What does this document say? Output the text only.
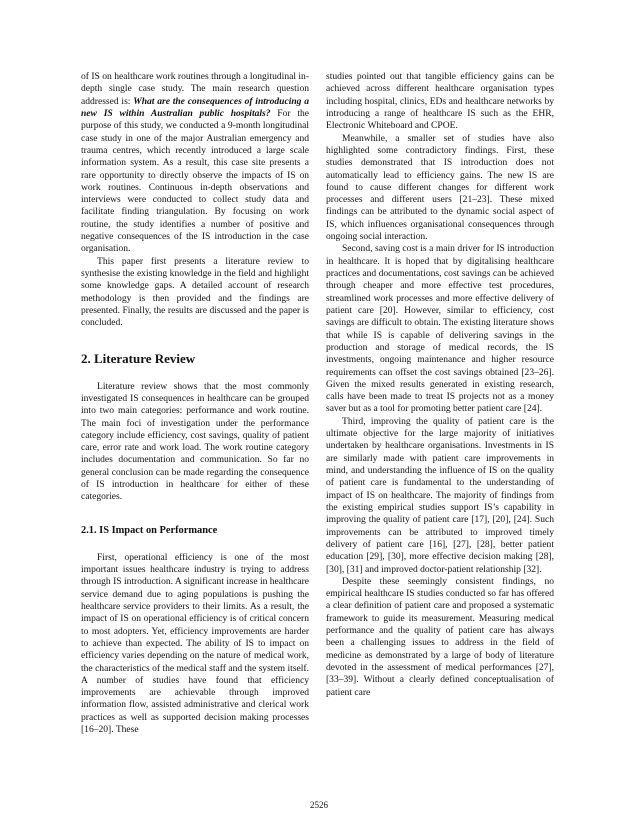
of IS on healthcare work routines through a longitudinal in-depth single case study. The main research question addressed is: What are the consequences of introducing a new IS within Australian public hospitals? For the purpose of this study, we conducted a 9-month longitudinal case study in one of the major Australian emergency and trauma centres, which recently introduced a large scale information system. As a result, this case site presents a rare opportunity to directly observe the impacts of IS on work routines. Continuous in-depth observations and interviews were conducted to collect study data and facilitate finding triangulation. By focusing on work routine, the study identifies a number of positive and negative consequences of the IS introduction in the case organisation.

This paper first presents a literature review to synthesise the existing knowledge in the field and highlight some knowledge gaps. A detailed account of research methodology is then provided and the findings are presented. Finally, the results are discussed and the paper is concluded.

2. Literature Review

Literature review shows that the most commonly investigated IS consequences in healthcare can be grouped into two main categories: performance and work routine. The main foci of investigation under the performance category include efficiency, cost savings, quality of patient care, error rate and work load. The work routine category includes documentation and communication. So far no general conclusion can be made regarding the consequence of IS introduction in healthcare for either of these categories.

2.1. IS Impact on Performance

First, operational efficiency is one of the most important issues healthcare industry is trying to address through IS introduction. A significant increase in healthcare service demand due to aging populations is pushing the healthcare service providers to their limits. As a result, the impact of IS on operational efficiency is of critical concern to most adopters. Yet, efficiency improvements are harder to achieve than expected. The ability of IS to impact on efficiency varies depending on the nature of medical work, the characteristics of the medical staff and the system itself. A number of studies have found that efficiency improvements are achievable through improved information flow, assisted administrative and clerical work practices as well as supported decision making processes [16–20]. These

studies pointed out that tangible efficiency gains can be achieved across different healthcare organisation types including hospital, clinics, EDs and healthcare networks by introducing a range of healthcare IS such as the EHR, Electronic Whiteboard and CPOE.

Meanwhile, a smaller set of studies have also highlighted some contradictory findings. First, these studies demonstrated that IS introduction does not automatically lead to efficiency gains. The new IS are found to cause different changes for different work processes and different users [21–23]. These mixed findings can be attributed to the dynamic social aspect of IS, which influences organisational consequences through ongoing social interaction.

Second, saving cost is a main driver for IS introduction in healthcare. It is hoped that by digitalising healthcare practices and documentations, cost savings can be achieved through cheaper and more effective test procedures, streamlined work processes and more effective delivery of patient care [20]. However, similar to efficiency, cost savings are difficult to obtain. The existing literature shows that while IS is capable of delivering savings in the production and storage of medical records, the IS investments, ongoing maintenance and higher resource requirements can offset the cost savings obtained [23–26]. Given the mixed results generated in existing research, calls have been made to treat IS projects not as a money saver but as a tool for promoting better patient care [24].

Third, improving the quality of patient care is the ultimate objective for the large majority of initiatives undertaken by healthcare organisations. Investments in IS are similarly made with patient care improvements in mind, and understanding the influence of IS on the quality of patient care is fundamental to the understanding of impact of IS on healthcare. The majority of findings from the existing empirical studies support IS’s capability in improving the quality of patient care [17], [20], [24]. Such improvements can be attributed to improved timely delivery of patient care [16], [27], [28], better patient education [29], [30], more effective decision making [28], [30], [31] and improved doctor-patient relationship [32].

Despite these seemingly consistent findings, no empirical healthcare IS studies conducted so far has offered a clear definition of patient care and proposed a systematic framework to guide its measurement. Measuring medical performance and the quality of patient care has always been a challenging issues to address in the field of medicine as demonstrated by a large of body of literature devoted in the assessment of medical performances [27], [33–39]. Without a clearly defined conceptualisation of patient care

2526
